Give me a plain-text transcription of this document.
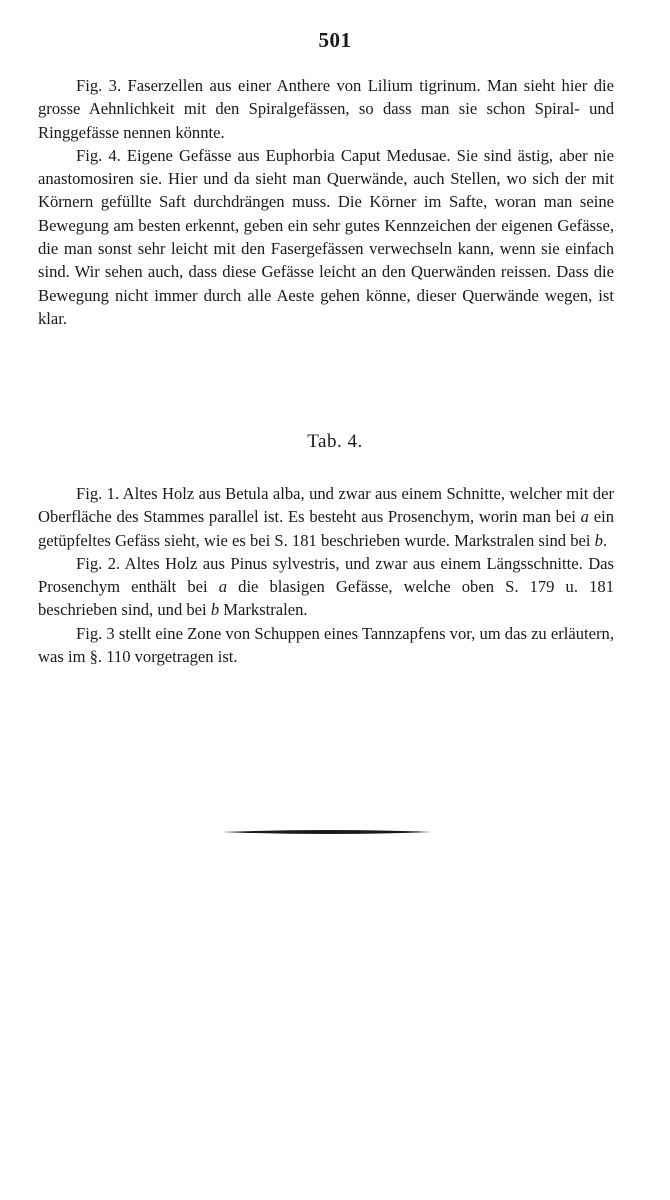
501

Fig. 3. Faserzellen aus einer Anthere von Lilium tigrinum. Man sieht hier die grosse Aehnlichkeit mit den Spiralgefässen, so dass man sie schon Spiral- und Ringgefässe nennen könnte.

Fig. 4. Eigene Gefässe aus Euphorbia Caput Medusae. Sie sind ästig, aber nie anastomosiren sie. Hier und da sieht man Querwände, auch Stellen, wo sich der mit Körnern gefüllte Saft durchdrängen muss. Die Körner im Safte, woran man seine Bewegung am besten erkennt, geben ein sehr gutes Kennzeichen der eigenen Gefässe, die man sonst sehr leicht mit den Fasergefässen verwechseln kann, wenn sie einfach sind. Wir sehen auch, dass diese Gefässe leicht an den Querwänden reissen. Dass die Bewegung nicht immer durch alle Aeste gehen könne, dieser Querwände wegen, ist klar.

Tab. 4.

Fig. 1. Altes Holz aus Betula alba, und zwar aus einem Schnitte, welcher mit der Oberfläche des Stammes parallel ist. Es besteht aus Prosenchym, worin man bei a ein getüpfeltes Gefäss sieht, wie es bei S. 181 beschrieben wurde. Markstralen sind bei b.

Fig. 2. Altes Holz aus Pinus sylvestris, und zwar aus einem Längsschnitte. Das Prosenchym enthält bei a die blasigen Gefässe, welche oben S. 179 u. 181 beschrieben sind, und bei b Markstralen.

Fig. 3 stellt eine Zone von Schuppen eines Tannzapfens vor, um das zu erläutern, was im §. 110 vorgetragen ist.
